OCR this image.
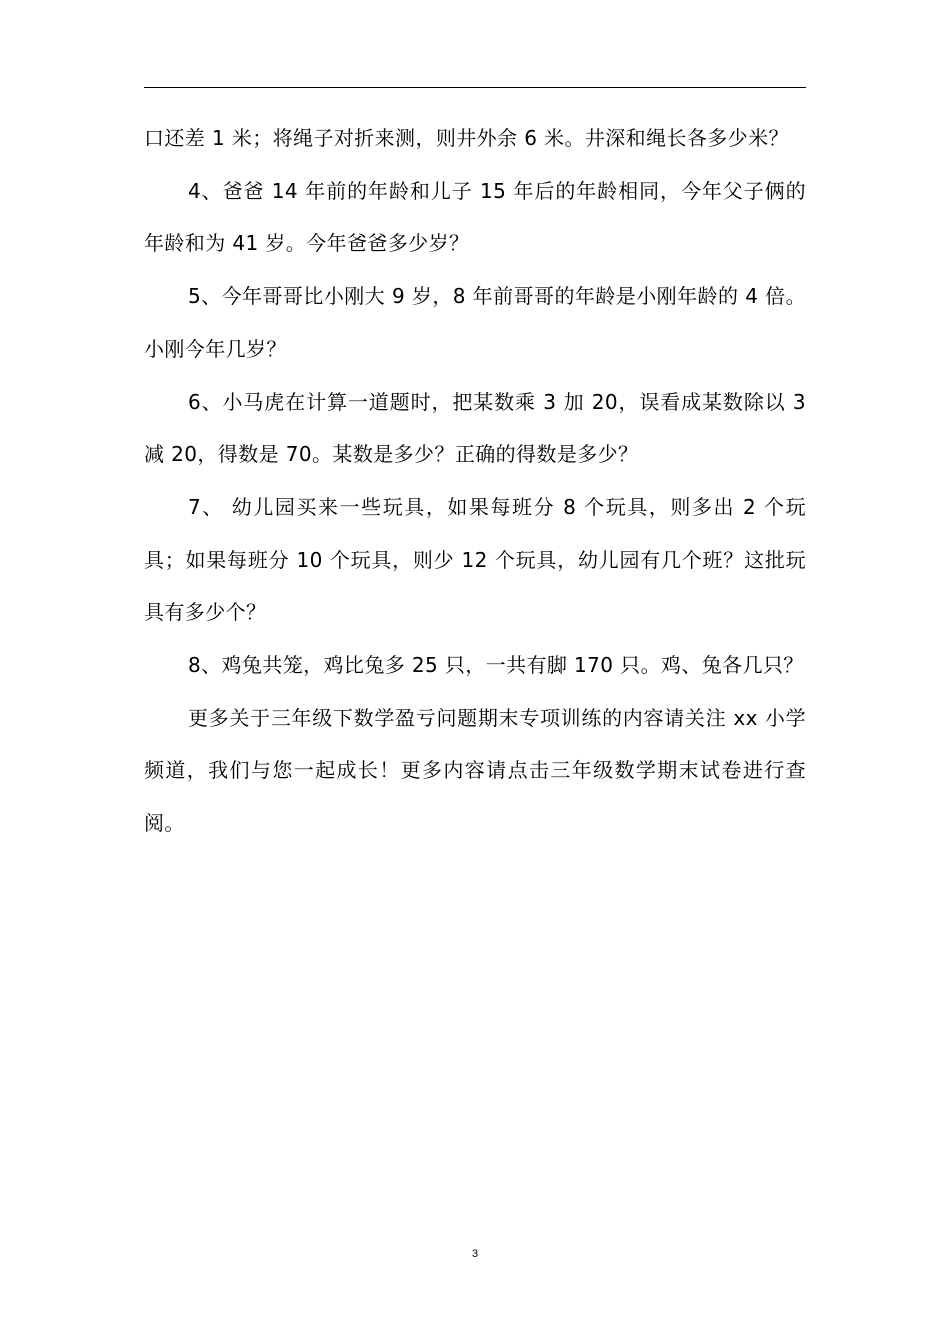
口还差 1 米；将绳子对折来测，则井外余 6 米。井深和绳长各多少米？

4、爸爸 14 年前的年龄和儿子 15 年后的年龄相同，今年父子俩的年龄和为 41 岁。今年爸爸多少岁？

5、今年哥哥比小刚大 9 岁，8 年前哥哥的年龄是小刚年龄的 4 倍。小刚今年几岁？

6、小马虎在计算一道题时，把某数乘 3 加 20，误看成某数除以 3 减 20，得数是 70。某数是多少？正确的得数是多少？

7、 幼儿园买来一些玩具，如果每班分 8 个玩具，则多出 2 个玩具；如果每班分 10 个玩具，则少 12 个玩具，幼儿园有几个班？这批玩具有多少个？

8、鸡兔共笼，鸡比兔多 25 只，一共有脚 170 只。鸡、兔各几只？

更多关于三年级下数学盈亏问题期末专项训练的内容请关注 xx 小学频道，我们与您一起成长！更多内容请点击三年级数学期末试卷进行查阅。

3
